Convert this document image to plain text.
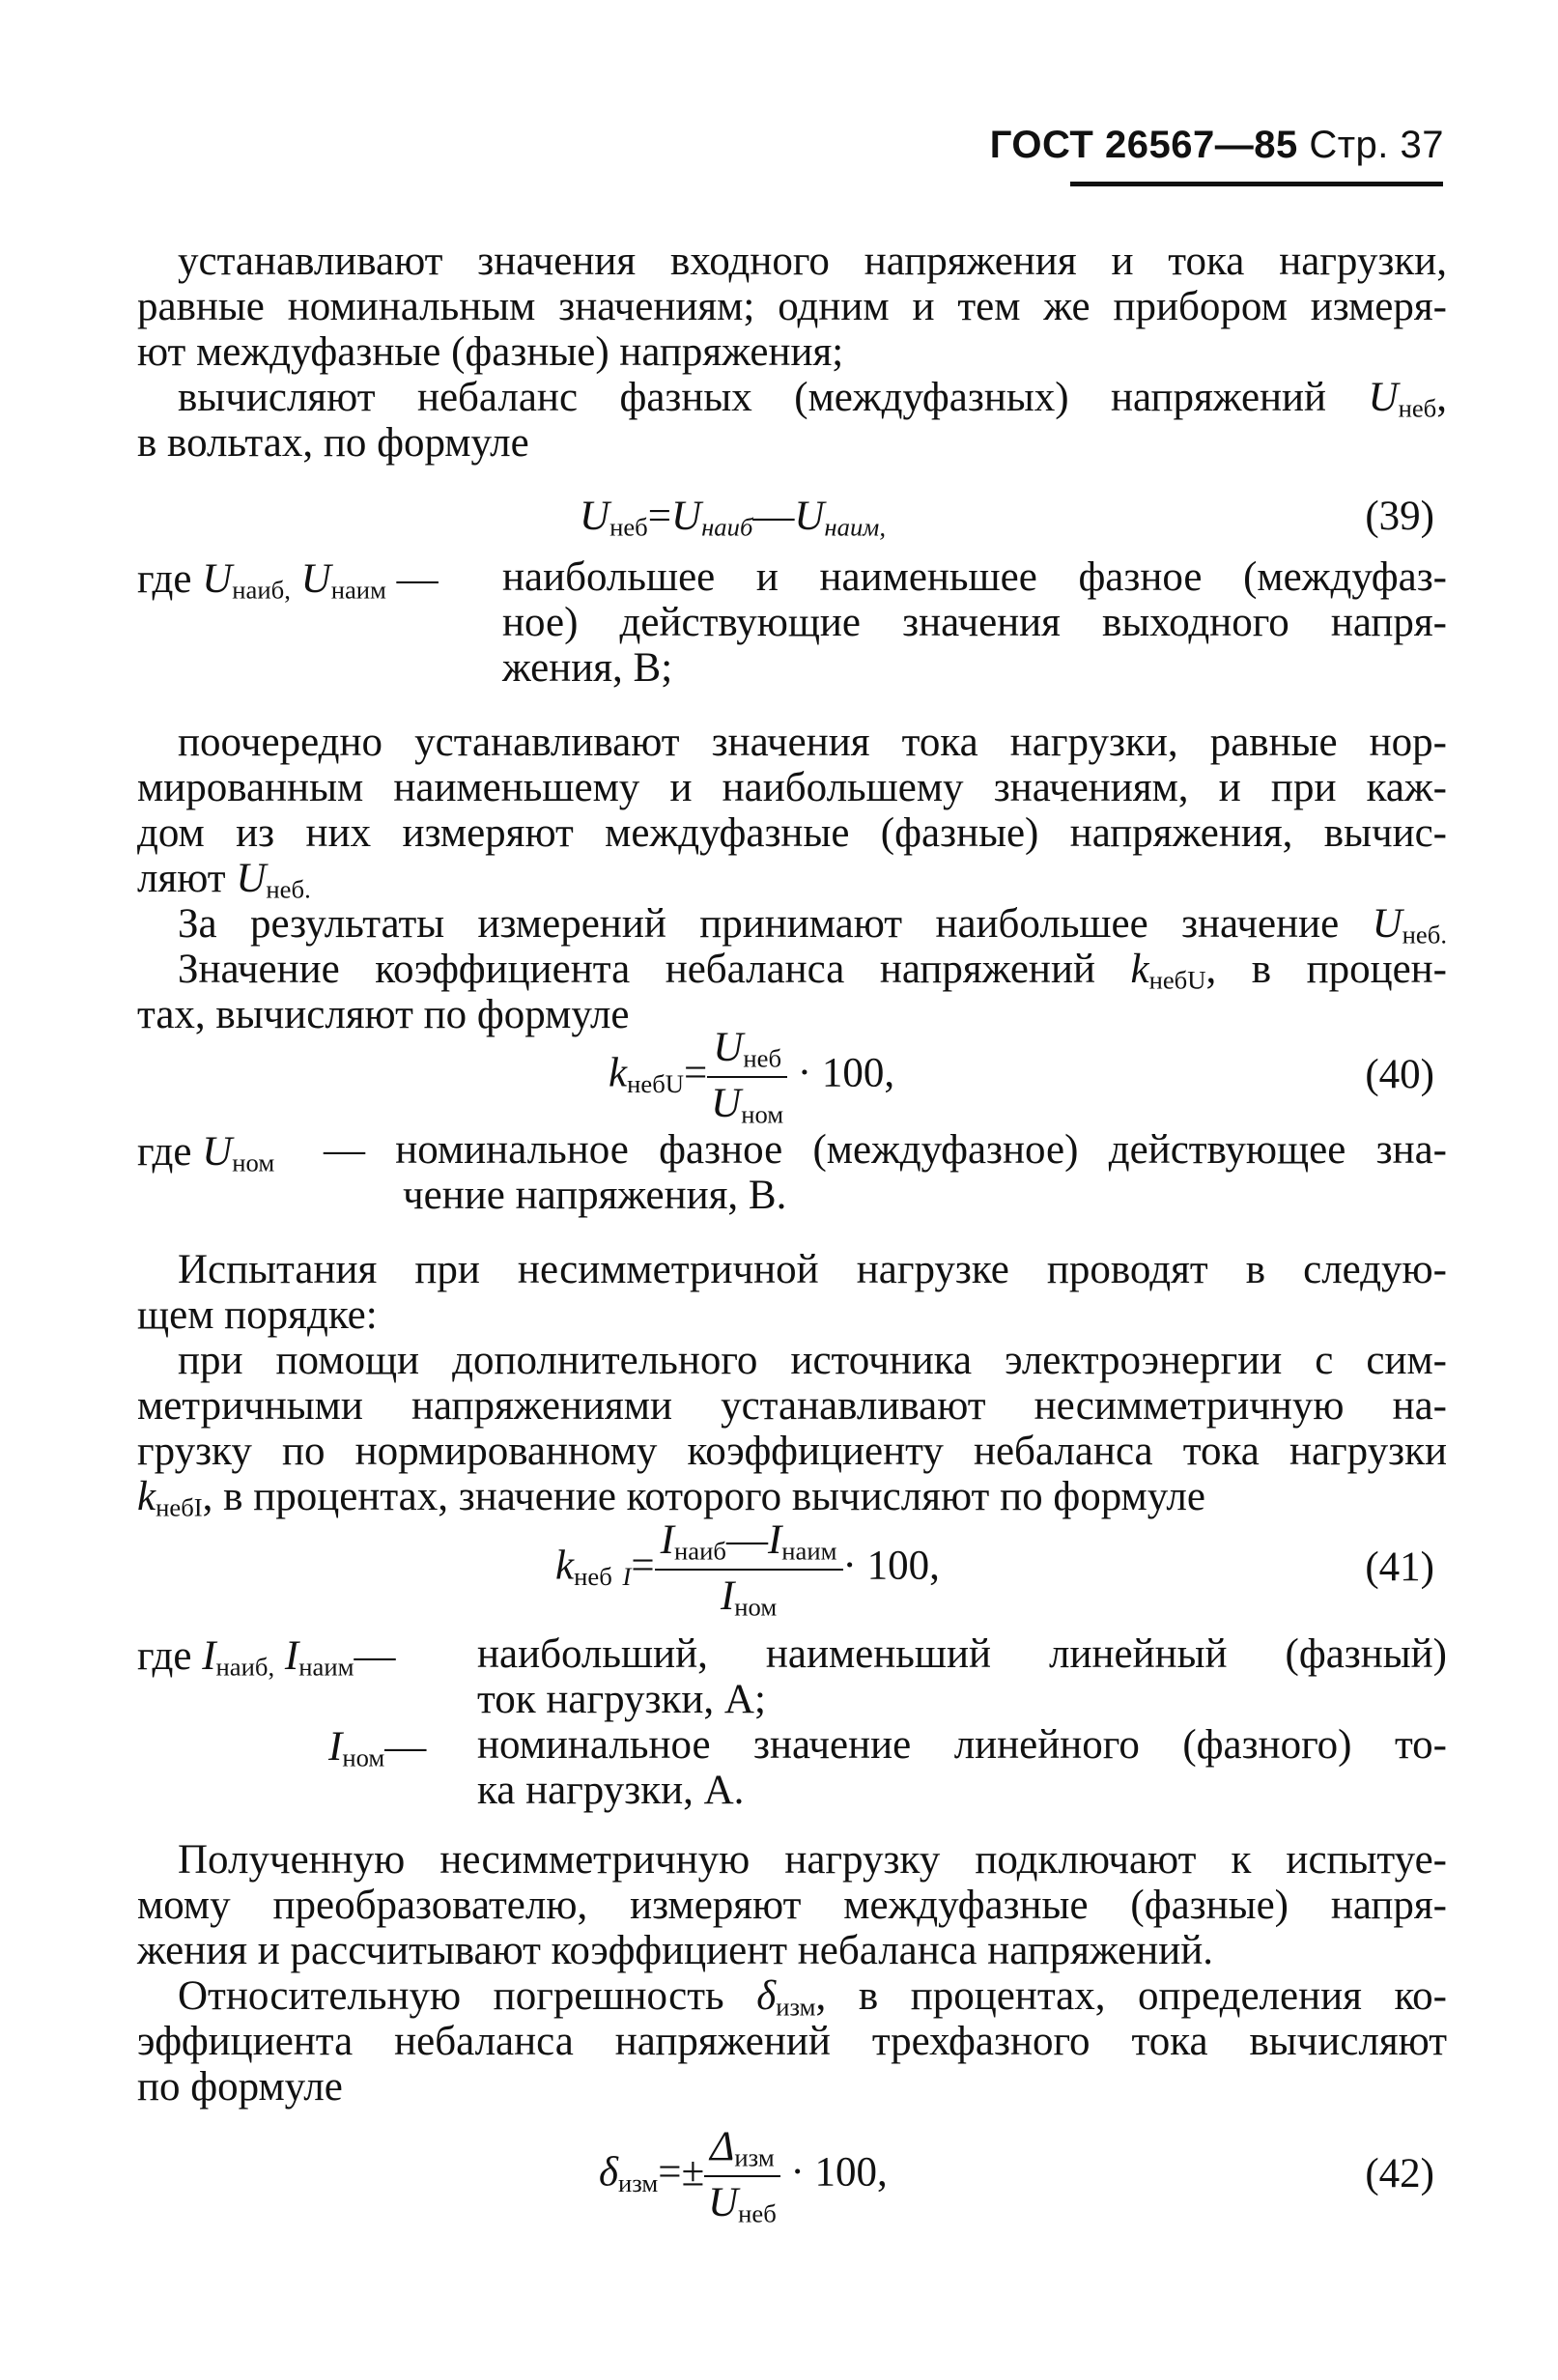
ГОСТ 26567—85 Стр. 37
устанавливают значения входного напряжения и тока нагрузки,
равные номинальным значениям; одним и тем же прибором измеря-
ют междуфазные (фазные) напряжения;
вычисляют небаланс фазных (междуфазных) напряжений $U_{неб}$,
в вольтах, по формуле
$U_{неб}=U_{наиб}—U_{наим,}$	(39)
где $U_{наиб,}$ $U_{наим}$ — наибольшее и наименьшее фазное (междуфаз-
ное) действующие значения выходного напря-
жения, В;
поочередно устанавливают значения тока нагрузки, равные нор-
мированным наименьшему и наибольшему значениям, и при каж-
дом из них измеряют междуфазные (фазные) напряжения, вычис-
ляют $U_{неб.}$
За результаты измерений принимают наибольшее значение $U_{неб.}$
Значение коэффициента небаланса напряжений $k_{небU}$, в процен-
тах, вычисляют по формуле
$k_{небU}= \frac{U_{неб}}{U_{ном}} \cdot 100$,	(40)
где $U_{ном}$ — номинальное фазное (междуфазное) действующее зна-
чение напряжения, В.
Испытания при несимметричной нагрузке проводят в следую-
щем порядке:
при помощи дополнительного источника электроэнергии с сим-
метричными напряжениями устанавливают несимметричную на-
грузку по нормированному коэффициенту небаланса тока нагрузки
$k_{небI}$, в процентах, значение которого вычисляют по формуле
$k_{неб}$ $_I= \frac{I_{наиб}—I_{наим}}{I_{ном}} \cdot 100$,	(41)
где $I_{наиб,}$ $I_{наим}—$ наибольший, наименьший линейный (фазный)
ток нагрузки, А;
$I_{ном}—$ номинальное значение линейного (фазного) то-
ка нагрузки, А.
Полученную несимметричную нагрузку подключают к испытуе-
мому преобразователю, измеряют междуфазные (фазные) напря-
жения и рассчитывают коэффициент небаланса напряжений.
Относительную погрешность $\delta_{изм}$, в процентах, определения ко-
эффициента небаланса напряжений трехфазного тока вычисляют
по формуле
$\delta_{изм}=\pm \frac{\Delta_{изм}}{U_{неб}} \cdot 100$,	(42)
